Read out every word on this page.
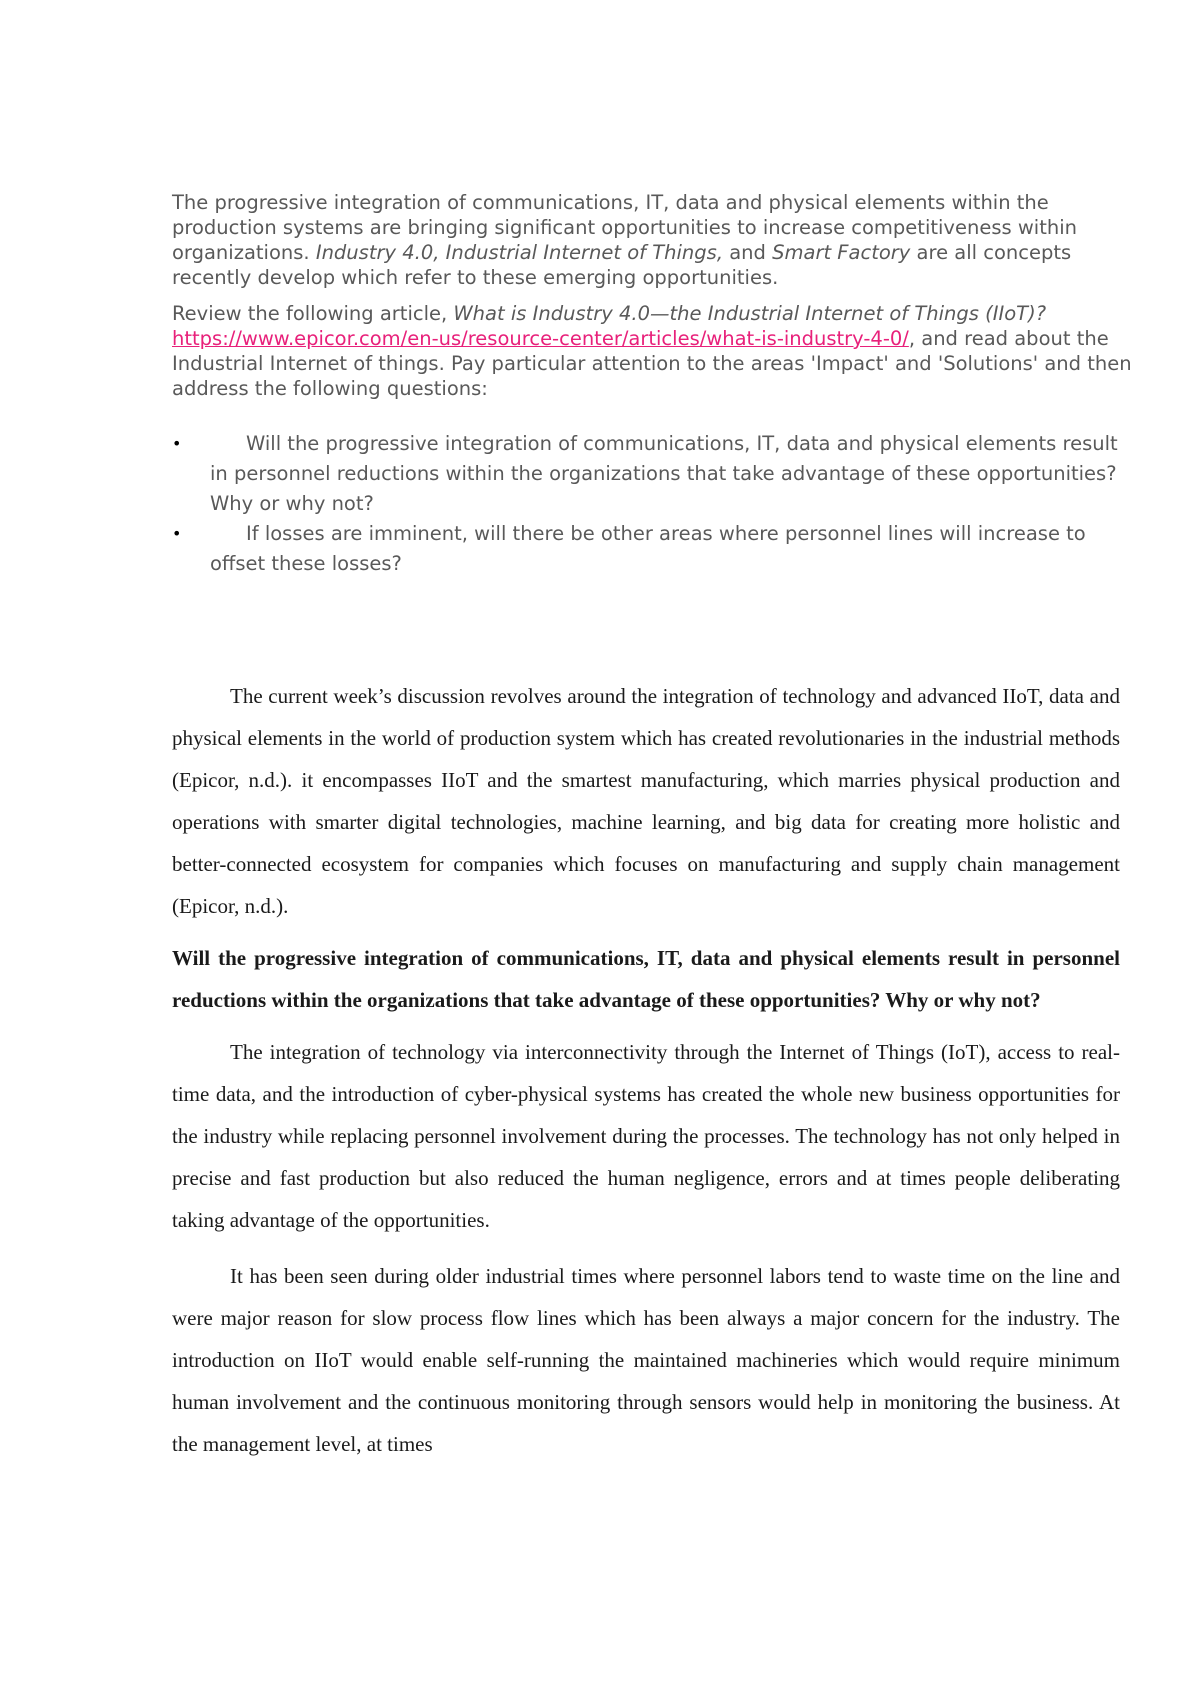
The progressive integration of communications, IT, data and physical elements within the production systems are bringing significant opportunities to increase competitiveness within organizations. Industry 4.0, Industrial Internet of Things, and Smart Factory are all concepts recently develop which refer to these emerging opportunities.

Review the following article, What is Industry 4.0—the Industrial Internet of Things (IIoT)? https://www.epicor.com/en-us/resource-center/articles/what-is-industry-4-0/, and read about the Industrial Internet of things. Pay particular attention to the areas 'Impact' and 'Solutions' and then address the following questions:

•	Will the progressive integration of communications, IT, data and physical elements result in personnel reductions within the organizations that take advantage of these opportunities? Why or why not?
•	If losses are imminent, will there be other areas where personnel lines will increase to offset these losses?

The current week’s discussion revolves around the integration of technology and advanced IIoT, data and physical elements in the world of production system which has created revolutionaries in the industrial methods (Epicor, n.d.). it encompasses IIoT and the smartest manufacturing, which marries physical production and operations with smarter digital technologies, machine learning, and big data for creating more holistic and better-connected ecosystem for companies which focuses on manufacturing and supply chain management (Epicor, n.d.).

Will the progressive integration of communications, IT, data and physical elements result in personnel reductions within the organizations that take advantage of these opportunities? Why or why not?

The integration of technology via interconnectivity through the Internet of Things (IoT), access to real-time data, and the introduction of cyber-physical systems has created the whole new business opportunities for the industry while replacing personnel involvement during the processes. The technology has not only helped in precise and fast production but also reduced the human negligence, errors and at times people deliberating taking advantage of the opportunities.

It has been seen during older industrial times where personnel labors tend to waste time on the line and were major reason for slow process flow lines which has been always a major concern for the industry. The introduction on IIoT would enable self-running the maintained machineries which would require minimum human involvement and the continuous monitoring through sensors would help in monitoring the business. At the management level, at times
